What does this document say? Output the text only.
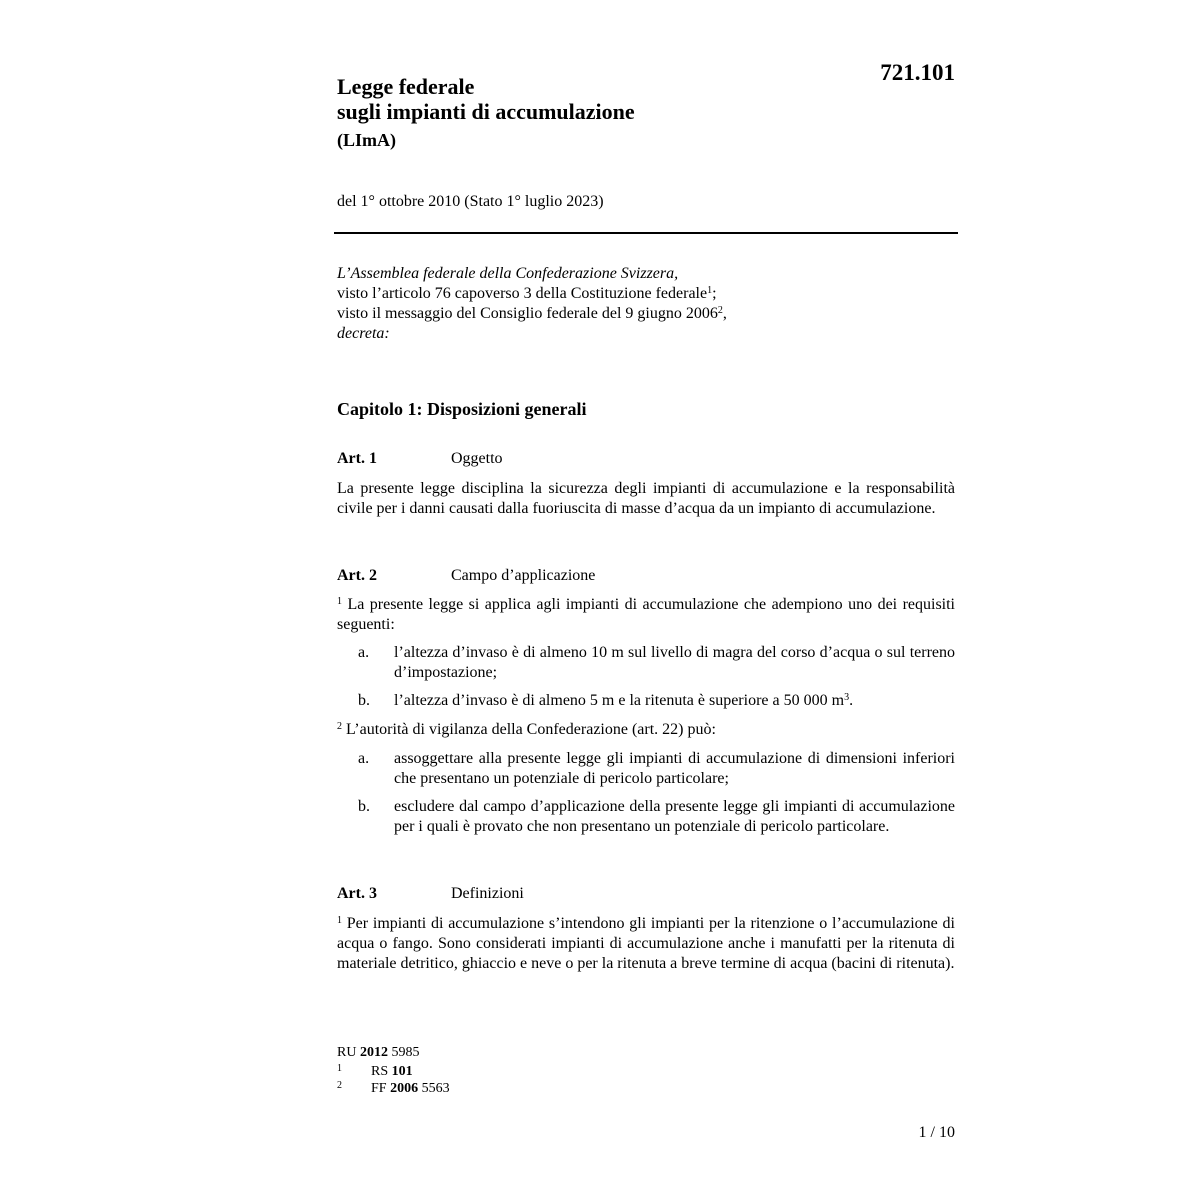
721.101
Legge federale
sugli impianti di accumulazione
(LImA)
del 1° ottobre 2010 (Stato 1° luglio 2023)

L’Assemblea federale della Confederazione Svizzera,

visto l’articolo 76 capoverso 3 della Costituzione federale$^1$;

visto il messaggio del Consiglio federale del 9 giugno 2006$^2$,

decreta:

Capitolo 1: Disposizioni generali
Art. 1	Oggetto
La presente legge disciplina la sicurezza degli impianti di accumulazione e la responsabilità civile per i danni causati dalla fuoriuscita di masse d’acqua da un impianto di accumulazione.
Art. 2	Campo d’applicazione
$^1$ La presente legge si applica agli impianti di accumulazione che adempiono uno dei requisiti seguenti:
a. l’altezza d’invaso è di almeno 10 m sul livello di magra del corso d’acqua o sul terreno d’impostazione;
b. l’altezza d’invaso è di almeno 5 m e la ritenuta è superiore a 50 000 $m^3$.
$^2$ L’autorità di vigilanza della Confederazione (art. 22) può:
a. assoggettare alla presente legge gli impianti di accumulazione di dimensioni inferiori che presentano un potenziale di pericolo particolare;
b. escludere dal campo d’applicazione della presente legge gli impianti di accumulazione per i quali è provato che non presentano un potenziale di pericolo particolare.
Art. 3	Definizioni
$^1$ Per impianti di accumulazione s’intendono gli impianti per la ritenzione o l’accumulazione di acqua o fango. Sono considerati impianti di accumulazione anche i manufatti per la ritenuta di materiale detritico, ghiaccio e neve o per la ritenuta a breve termine di acqua (bacini di ritenuta).
RU 2012 5985
1 RS 101
2 FF 2006 5563
1 / 10
